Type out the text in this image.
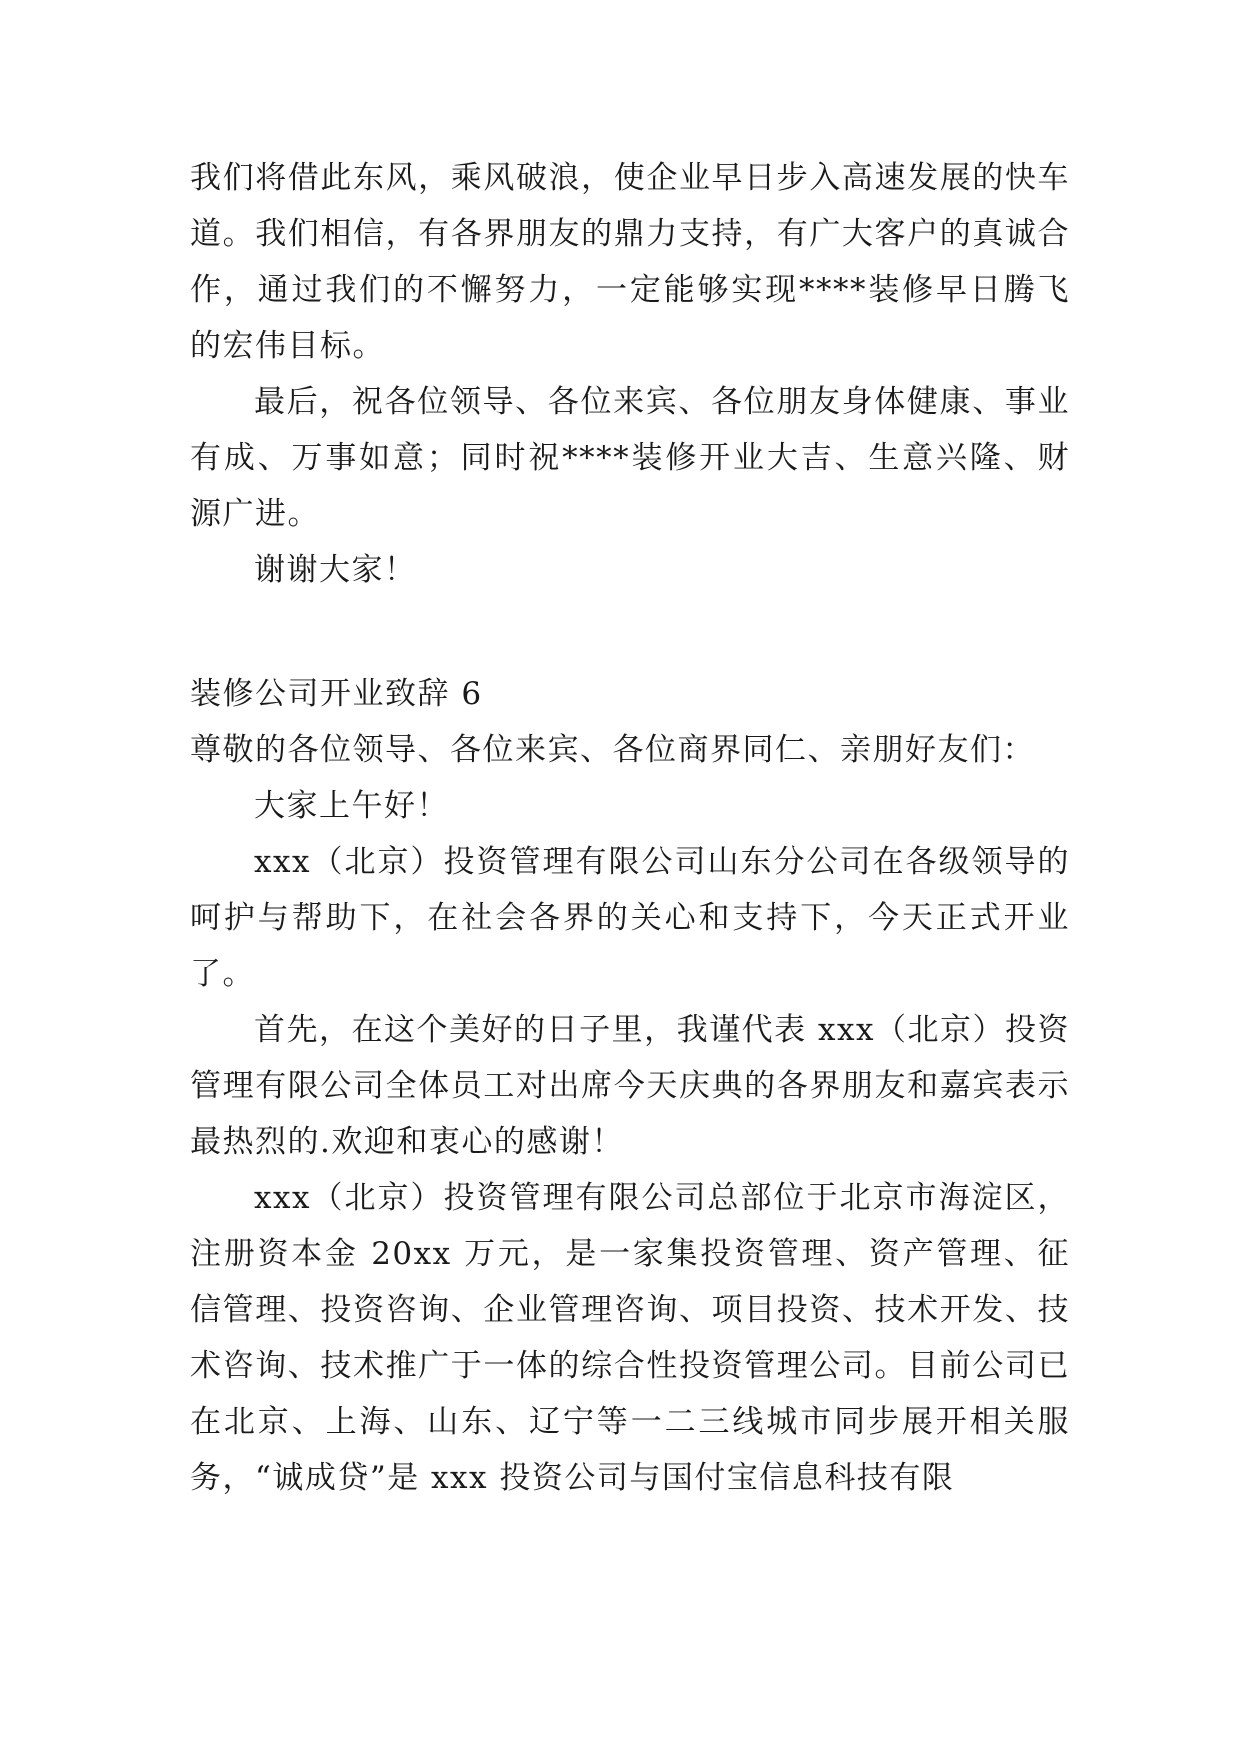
我们将借此东风，乘风破浪，使企业早日步入高速发展的快车道。我们相信，有各界朋友的鼎力支持，有广大客户的真诚合作，通过我们的不懈努力，一定能够实现****装修早日腾飞的宏伟目标。

最后，祝各位领导、各位来宾、各位朋友身体健康、事业有成、万事如意；同时祝****装修开业大吉、生意兴隆、财源广进。

谢谢大家！

装修公司开业致辞 6

尊敬的各位领导、各位来宾、各位商界同仁、亲朋好友们：

大家上午好！

xxx（北京）投资管理有限公司山东分公司在各级领导的呵护与帮助下，在社会各界的关心和支持下，今天正式开业了。

首先，在这个美好的日子里，我谨代表 xxx（北京）投资管理有限公司全体员工对出席今天庆典的各界朋友和嘉宾表示最热烈的.欢迎和衷心的感谢！

xxx（北京）投资管理有限公司总部位于北京市海淀区，注册资本金 20xx 万元，是一家集投资管理、资产管理、征信管理、投资咨询、企业管理咨询、项目投资、技术开发、技术咨询、技术推广于一体的综合性投资管理公司。目前公司已在北京、上海、山东、辽宁等一二三线城市同步展开相关服务，“诚成贷”是 xxx 投资公司与国付宝信息科技有限
